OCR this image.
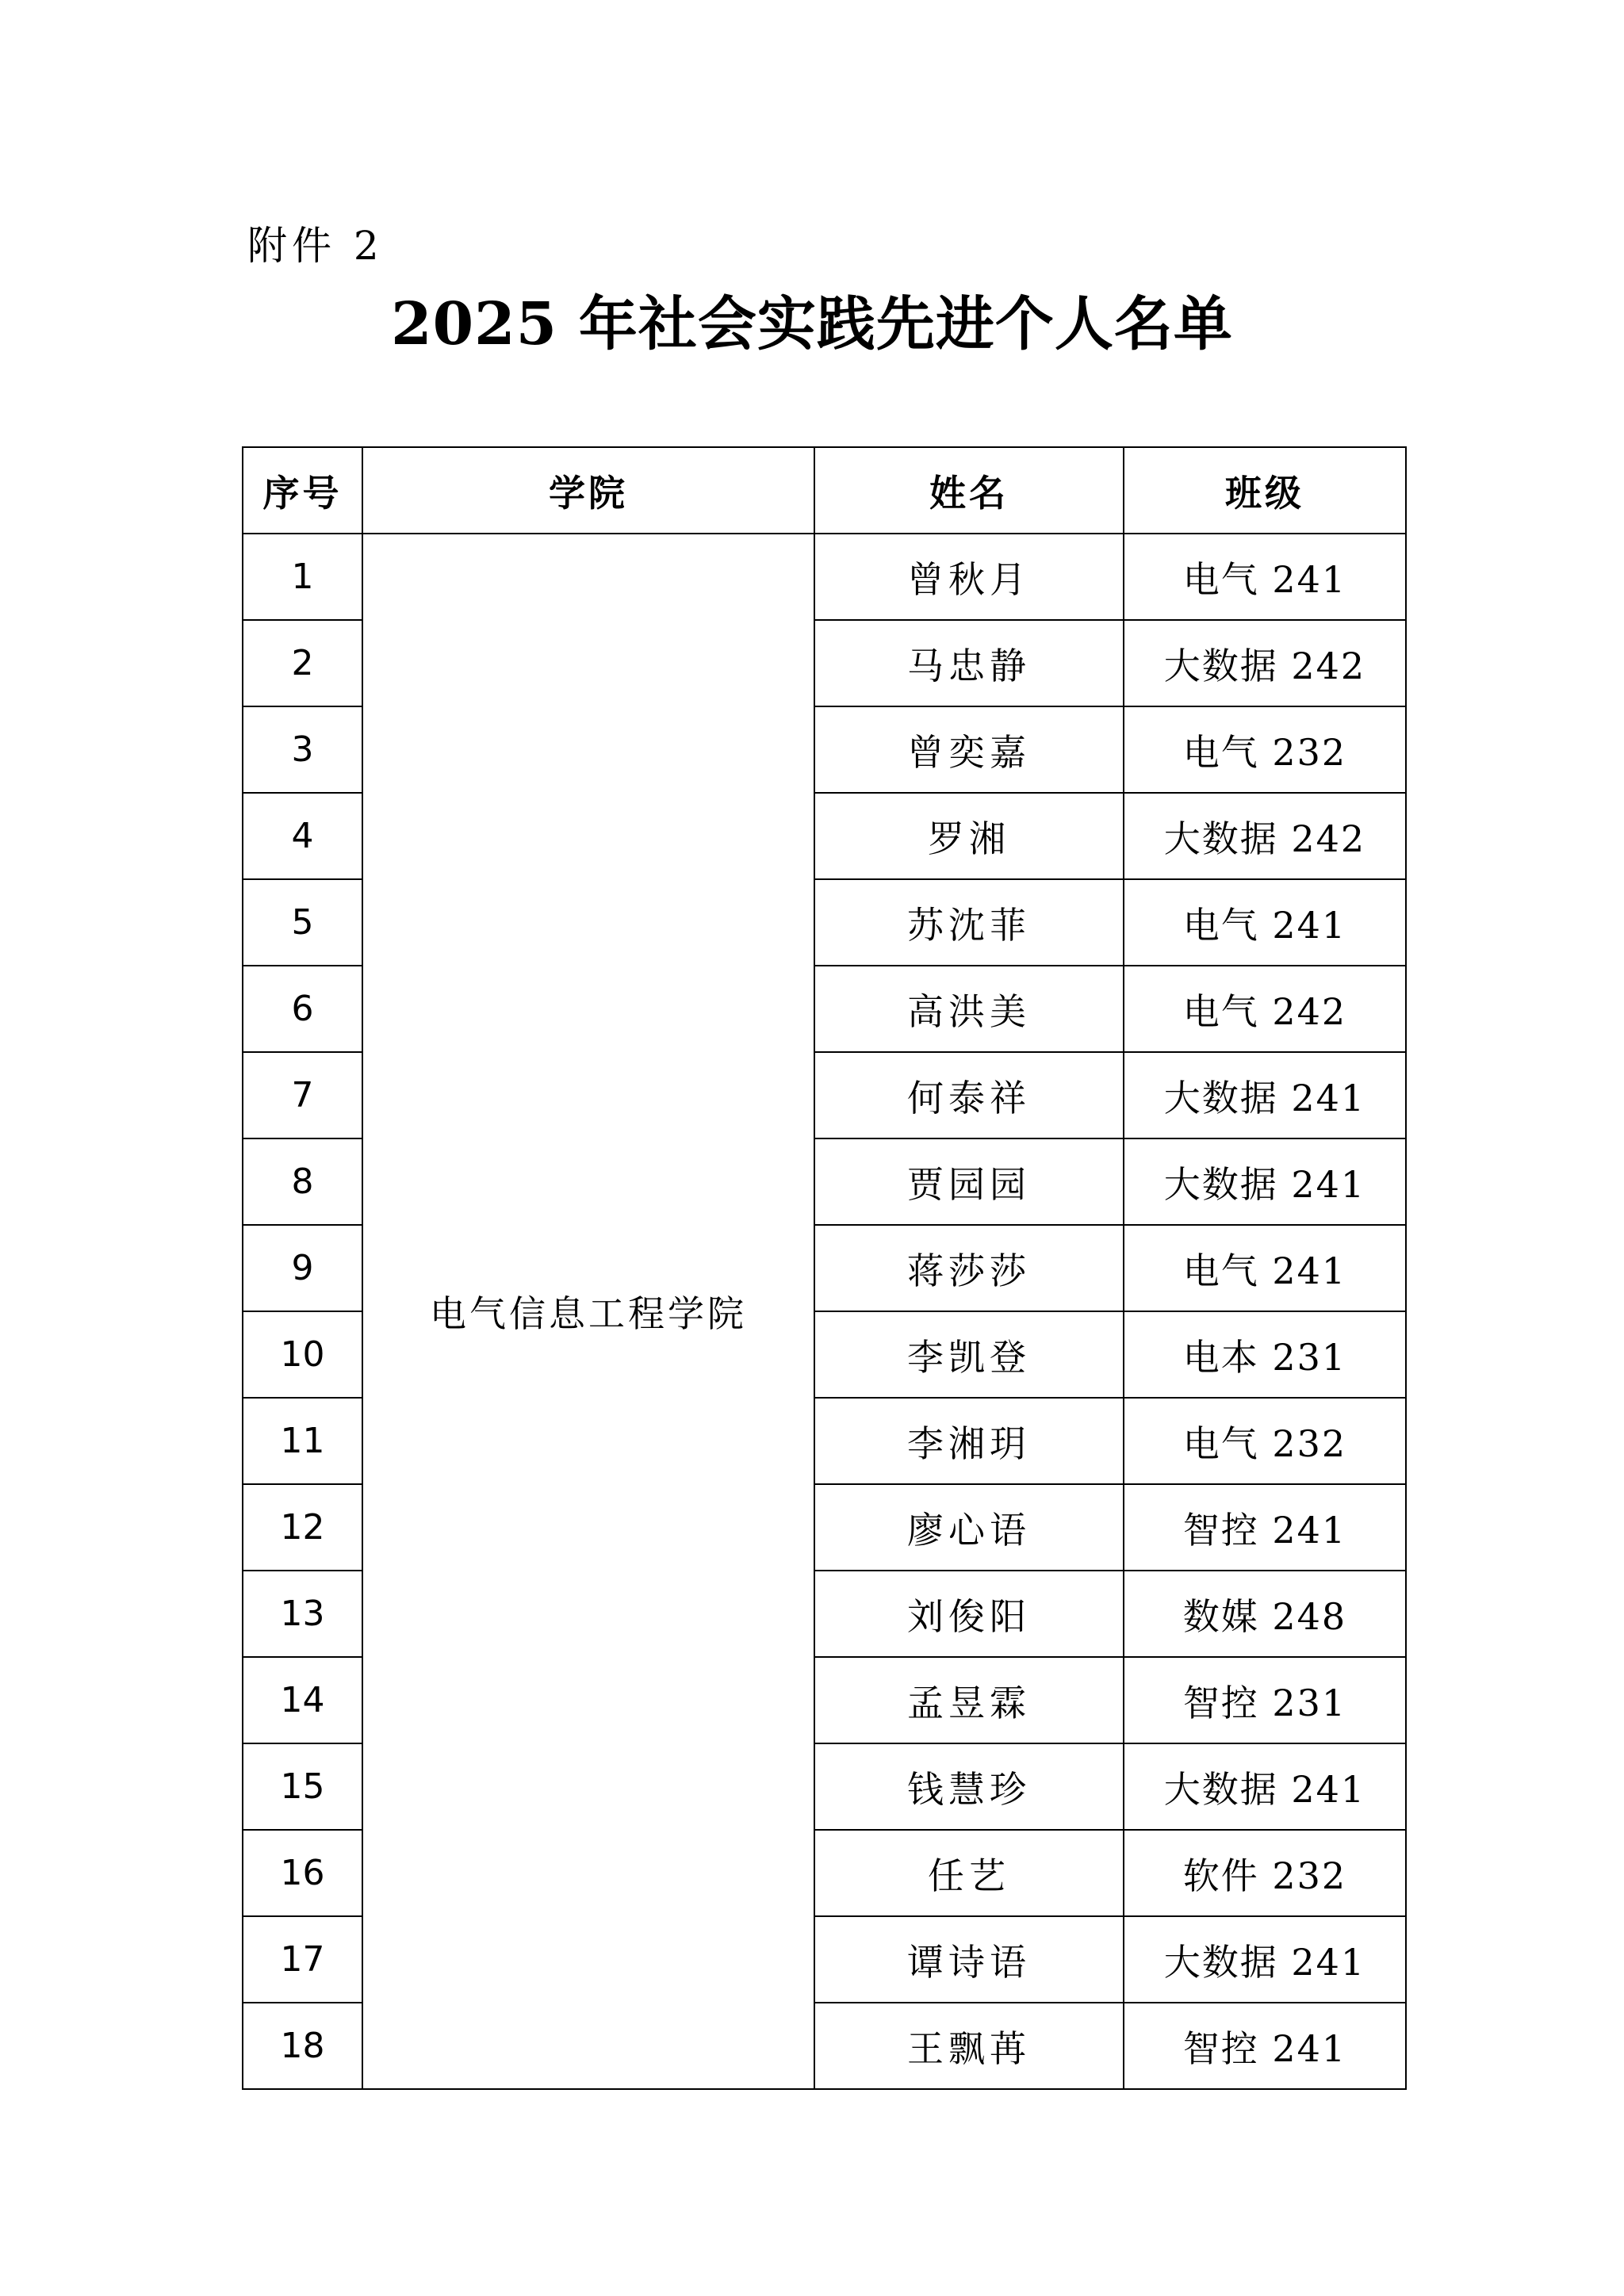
附件 2
2025 年社会实践先进个人名单
序号	学院	姓名	班级
1	电气信息工程学院	曾秋月	电气 241
2		马忠静	大数据 242
3		曾奕嘉	电气 232
4		罗湘	大数据 242
5		苏沈菲	电气 241
6		高洪美	电气 242
7		何泰祥	大数据 241
8		贾园园	大数据 241
9		蒋莎莎	电气 241
10		李凯登	电本 231
11		李湘玥	电气 232
12		廖心语	智控 241
13		刘俊阳	数媒 248
14		孟昱霖	智控 231
15		钱慧珍	大数据 241
16		任艺	软件 232
17		谭诗语	大数据 241
18		王飘苒	智控 241
